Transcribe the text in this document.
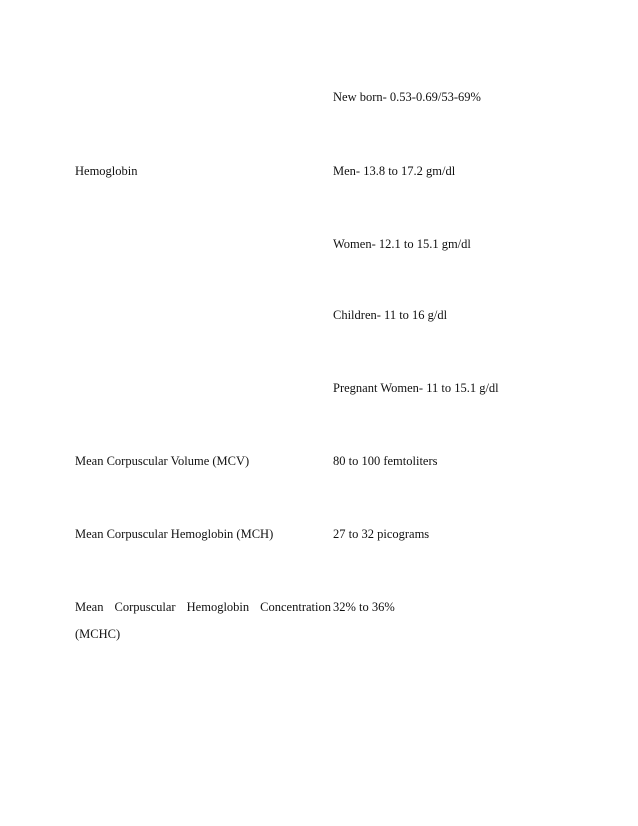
New born- 0.53-0.69/53-69%
Hemoglobin	Men- 13.8 to 17.2 gm/dl
Women- 12.1 to 15.1 gm/dl
Children- 11 to 16 g/dl
Pregnant Women- 11 to 15.1 g/dl
Mean Corpuscular Volume (MCV)	80 to 100 femtoliters
Mean Corpuscular Hemoglobin (MCH)	27 to 32 picograms
Mean Corpuscular Hemoglobin Concentration 32% to 36%
(MCHC)
